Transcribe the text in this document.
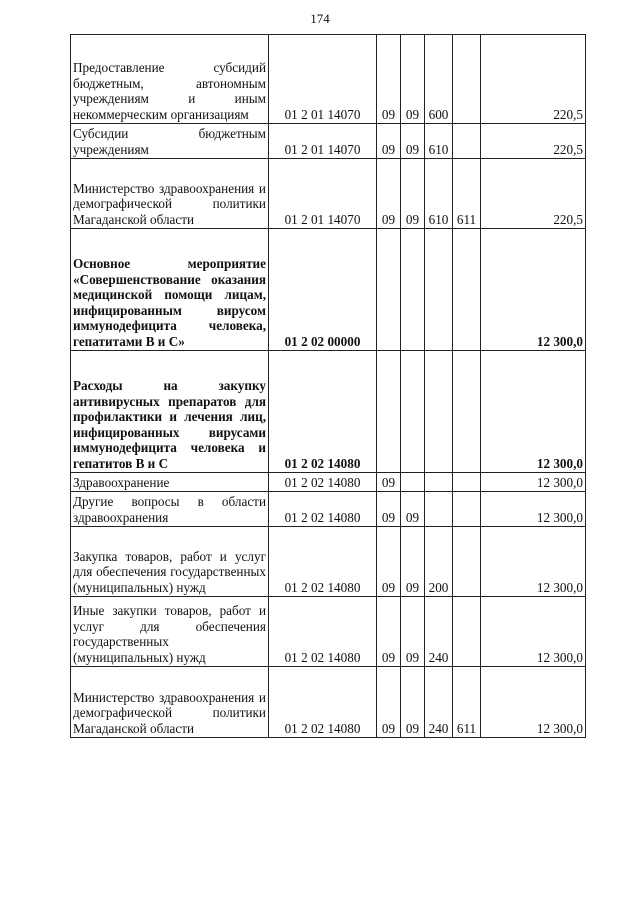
174
Предоставление субсидий бюджетным, автономным учреждениям и иным некоммерческим организациям	01 2 01 14070	09	09	600		220,5
Субсидии бюджетным учреждениям	01 2 01 14070	09	09	610		220,5
Министерство здравоохранения и демографической политики Магаданской области	01 2 01 14070	09	09	610	611	220,5
Основное мероприятие «Совершенствование оказания медицинской помощи лицам, инфицированным вирусом иммунодефицита человека, гепатитами В и С»	01 2 02 00000					12 300,0
Расходы на закупку антивирусных препаратов для профилактики и лечения лиц, инфицированных вирусами иммунодефицита человека и гепатитов В и С	01 2 02 14080					12 300,0
Здравоохранение	01 2 02 14080	09				12 300,0
Другие вопросы в области здравоохранения	01 2 02 14080	09	09			12 300,0
Закупка товаров, работ и услуг для обеспечения государственных (муниципальных) нужд	01 2 02 14080	09	09	200		12 300,0
Иные закупки товаров, работ и услуг для обеспечения государственных (муниципальных) нужд	01 2 02 14080	09	09	240		12 300,0
Министерство здравоохранения и демографической политики Магаданской области	01 2 02 14080	09	09	240	611	12 300,0
